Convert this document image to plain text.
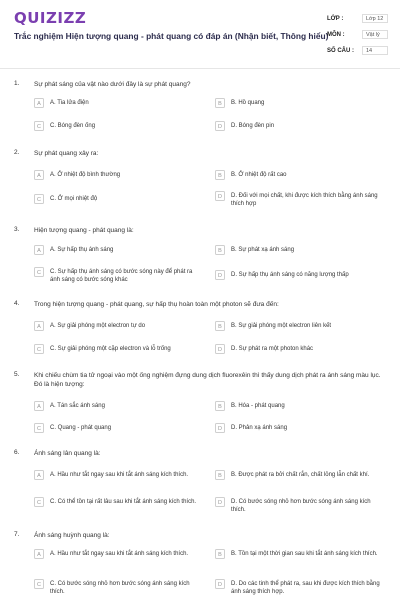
QUIZIZZ
Trắc nghiệm Hiện tượng quang - phát quang có đáp án (Nhận biết, Thông hiểu)
LỚP :	Lớp 12
MÔN :	Vật lý
SỐ CÂU :	14
1. Sự phát sáng của vật nào dưới đây là sự phát quang?
A	A. Tia lửa điện	B	B. Hồ quang
C	C. Bóng đèn ống	D	D. Bóng đèn pin
2. Sự phát quang xảy ra:
A	A. Ở nhiệt độ bình thường	B	B. Ở nhiệt độ rất cao
C	C. Ở mọi nhiệt độ	D	D. Đối với mọi chất, khi được kích thích bằng ánh sáng thích hợp
3. Hiện tượng quang - phát quang là:
A	A. Sự hấp thụ ánh sáng	B	B. Sự phát xạ ánh sáng
C	C. Sự hấp thụ ánh sáng có bước sóng này để phát ra ánh sáng có bước sóng khác
D	D. Sự hấp thụ ánh sáng có năng lượng thấp
4. Trong hiện tượng quang - phát quang, sự hấp thụ hoàn toàn một photon sẽ đưa đến:
A	A. Sự giải phóng một electron tự do	B	B. Sự giải phóng một electron liên kết
C	C. Sự giải phóng một cặp electron và lỗ trống	D	D. Sự phát ra một photon khác
5. Khi chiếu chùm tia tử ngoại vào một ống nghiệm đựng dung dịch fluorexêin thì thấy dung dịch phát ra ánh sáng màu lục. Đó là hiện tượng:
A	A. Tán sắc ánh sáng	B	B. Hóa - phát quang
C	C. Quang - phát quang	D	D. Phản xạ ánh sáng
6. Ánh sáng lân quang là:
A	A. Hầu như tắt ngay sau khi tắt ánh sáng kích thích.	B	B. Được phát ra bởi chất rắn, chất lỏng lẫn chất khí.
C	C. Có thể tồn tại rất lâu sau khi tắt ánh sáng kích thích.	D	D. Có bước sóng nhỏ hơn bước sóng ánh sáng kích thích.
7. Ánh sáng huỳnh quang là:
A	A. Hầu như tắt ngay sau khi tắt ánh sáng kích thích.	B	B. Tồn tại một thời gian sau khi tắt ánh sáng kích thích.
C	C. Có bước sóng nhỏ hơn bước sóng ánh sáng kích thích.
D	D. Do các tinh thể phát ra, sau khi được kích thích bằng ánh sáng thích hợp.
